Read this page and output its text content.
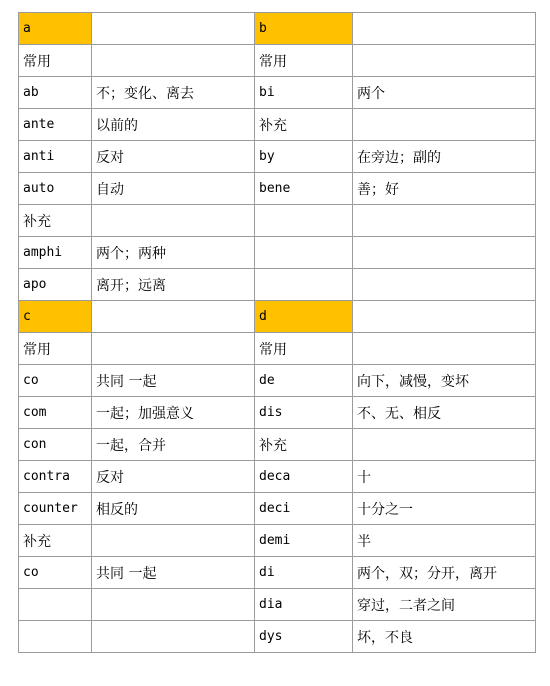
a		b	
常用		常用	
ab	不；变化、离去	bi	两个
ante	以前的	补充	
anti	反对	by	在旁边；副的
auto	自动	bene	善；好
补充			
amphi	两个；两种		
apo	离开；远离		
c		d	
常用		常用	
co	共同 一起	de	向下，减慢，变坏
com	一起；加强意义	dis	不、无、相反
con	一起，合并	补充	
contra	反对	deca	十
counter	相反的	deci	十分之一
补充		demi	半
co	共同 一起	di	两个，双；分开，离开
		dia	穿过，二者之间
		dys	坏，不良
